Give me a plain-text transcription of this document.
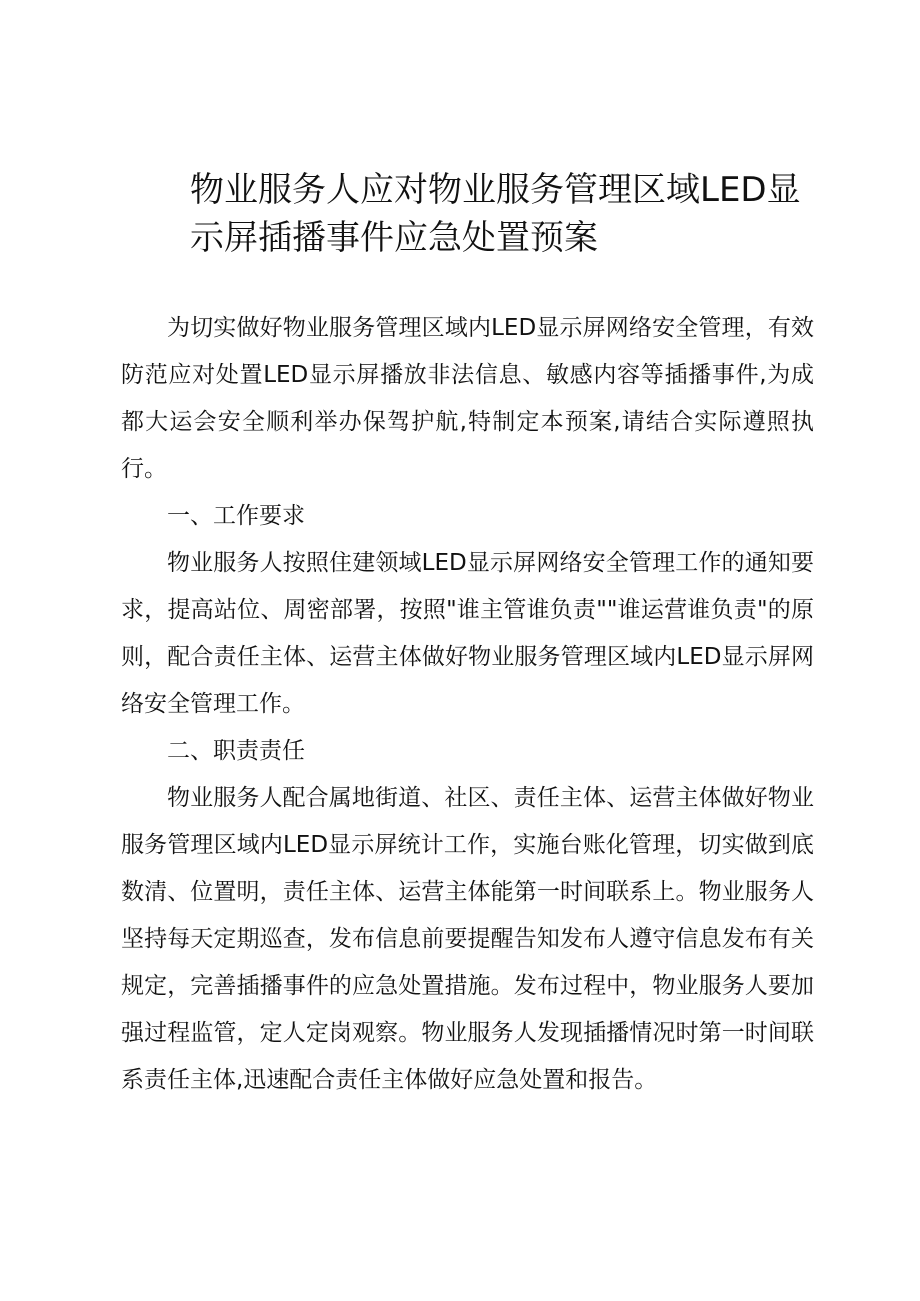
物业服务人应对物业服务管理区域LED显示屏插播事件应急处置预案

为切实做好物业服务管理区域内LED显示屏网络安全管理，有效防范应对处置LED显示屏播放非法信息、敏感内容等插播事件,为成都大运会安全顺利举办保驾护航,特制定本预案,请结合实际遵照执行。

一、工作要求

物业服务人按照住建领域LED显示屏网络安全管理工作的通知要求，提高站位、周密部署，按照"谁主管谁负责""谁运营谁负责"的原则，配合责任主体、运营主体做好物业服务管理区域内LED显示屏网络安全管理工作。

二、职责责任

物业服务人配合属地街道、社区、责任主体、运营主体做好物业服务管理区域内LED显示屏统计工作，实施台账化管理，切实做到底数清、位置明，责任主体、运营主体能第一时间联系上。物业服务人坚持每天定期巡查，发布信息前要提醒告知发布人遵守信息发布有关规定，完善插播事件的应急处置措施。发布过程中，物业服务人要加强过程监管，定人定岗观察。物业服务人发现插播情况时第一时间联系责任主体,迅速配合责任主体做好应急处置和报告。
